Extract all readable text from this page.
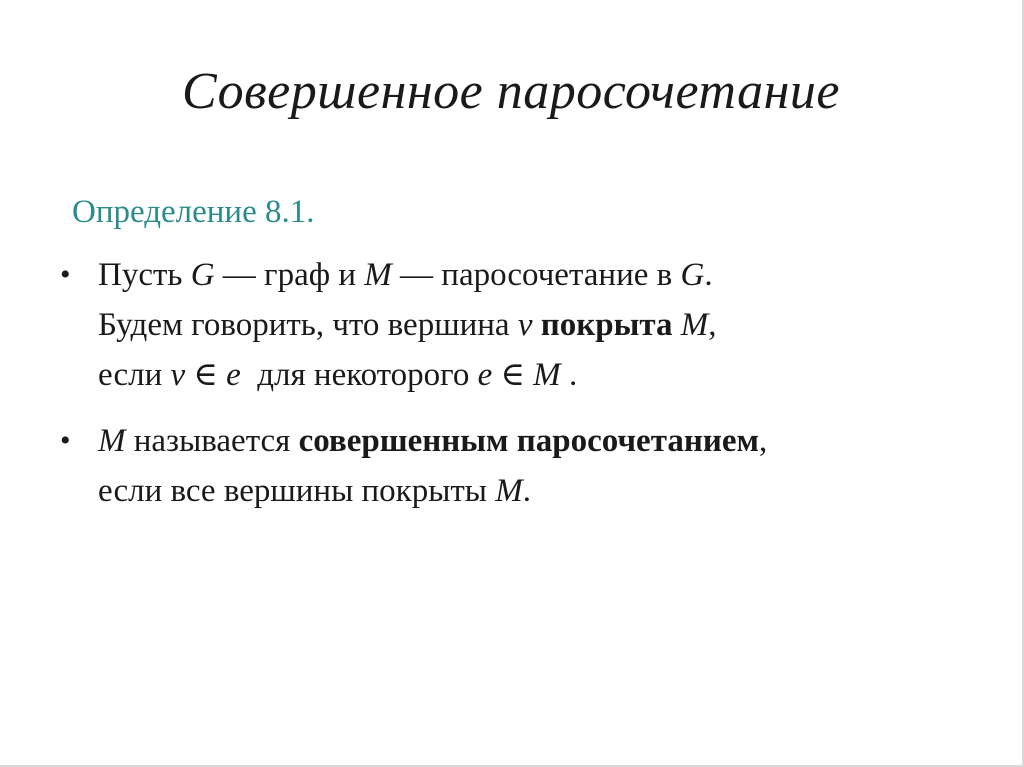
Совершенное паросочетание

Определение 8.1.

• Пусть G — граф и M — паросочетание в G.
Будем говорить, что вершина v покрыта M,
если v ∈ e  для некоторого e ∈ M .
• M называется совершенным паросочетанием,
если все вершины покрыты M.
